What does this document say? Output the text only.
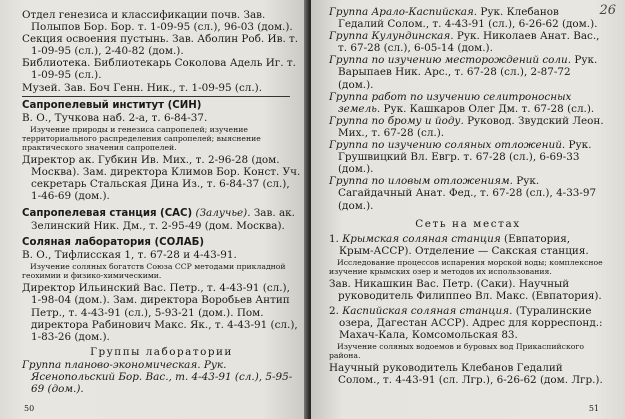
Отдел генезиса и классификации почв. Зав. Полыпов Бор. Бор. т. 1-09-95 (сл.), 96-03 (дом.).

Секция освоения пустынь. Зав. Аболин Роб. Ив. т. 1-09-95 (сл.), 2-40-82 (дом.).

Библиотека. Библиотекарь Соколова Адель Иг. т. 1-09-95 (сл.).

Музей. Зав. Боч Генн. Ник., т. 1-09-95 (сл.).

Сапропелевый институт (СИН)

В. О., Тучкова наб. 2-а, т. 6-84-37.

Изучение природы и генезиса сапропелей; изучение территориального распределения сапропелей; выяснение практического значения сапропелей.

Директор ак. Губкин Ив. Мих., т. 2-96-28 (дом. Москва). Зам. директора Климов Бор. Конст. Уч. секретарь Стальская Дина Из., т. 6-84-37 (сл.), 1-46-69 (дом.).

Сапропелевая станция (САС) (Залучье). Зав. ак. Зелинский Ник. Дм., т. 2-95-49 (дом. Москва).

Соляная лаборатория (СОЛАБ)

В. О., Тифлисская 1, т. 67-28 и 4-43-91.

Изучение соляных богатств Союза ССР методами прикладной геохимии и физико-химическими.

Директор Ильинский Вас. Петр., т. 4-43-91 (сл.), 1-98-04 (дом.). Зам. директора Воробьев Антип Петр., т. 4-43-91 (сл.), 5-93-21 (дом.). Пом. директора Рабинович Макс. Як., т. 4-43-91 (сл.), 1-83-26 (дом.).

Группы лаборатории

Группа планово-экономическая. Рук. Ясенопольский Бор. Вас., т. 4-43-91 (сл.), 5-95-69 (дом.).

50
26

Группа Арало-Каспийская. Рук. Клебанов Гедалий Солом., т. 4-43-91 (сл.), 6-26-62 (дом.).

Группа Кулундинская. Рук. Николаев Анат. Вас., т. 67-28 (сл.), 6-05-14 (дом.).

Группа по изучению месторождений соли. Рук. Варыпаев Ник. Арс., т. 67-28 (сл.), 2-87-72 (дом.).

Группа работ по изучению селитроносных земель. Рук. Кашкаров Олег Дм. т. 67-28 (сл.).

Группа по брому и йоду. Руковод. Звудский Леон. Мих., т. 67-28 (сл.).

Группа по изучению соляных отложений. Рук. Грушвицкий Вл. Евгр. т. 67-28 (сл.), 6-69-33 (дом.).

Группа по иловым отложениям. Рук. Сагайдачный Анат. Фед., т. 67-28 (сл.), 4-33-97 (дом.).

Сеть на местах

1. Крымская соляная станция (Евпатория, Крым-АССР). Отделение — Сакская станция.

Исследование процессов испарения морской воды; комплексное изучение крымских озер и методов их использования.

Зав. Никашкин Вас. Петр. (Саки). Научный руководитель Филиппео Вл. Макс. (Евпатория).

2. Каспийская соляная станция. (Туралинские озера, Дагестан АССР). Адрес для корреспонд.: Махач-Кала, Комсомольская 83.

Изучение соляных водоемов и буровых вод Прикаспийского района.

Научный руководитель Клебанов Гедалий Солом., т. 4-43-91 (сл. Лгр.), 6-26-62 (дом. Лгр.).

51
